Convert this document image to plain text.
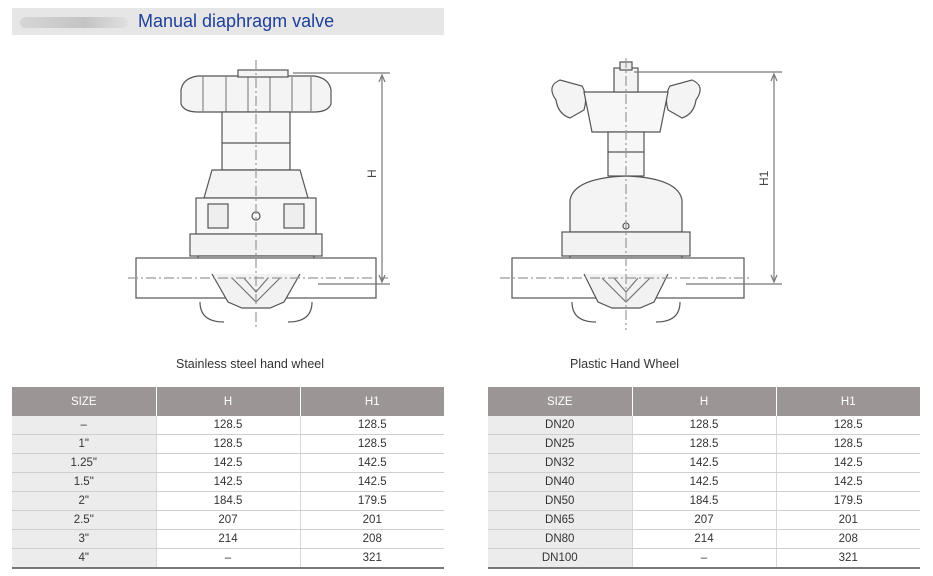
Manual diaphragm valve
H	H1
Stainless steel hand wheel	Plastic Hand Wheel
SIZE	H	H1
–	128.5	128.5
1"	128.5	128.5
1.25"	142.5	142.5
1.5"	142.5	142.5
2"	184.5	179.5
2.5"	207	201
3"	214	208
4"	–	321
SIZE	H	H1
DN20	128.5	128.5
DN25	128.5	128.5
DN32	142.5	142.5
DN40	142.5	142.5
DN50	184.5	179.5
DN65	207	201
DN80	214	208
DN100	–	321
